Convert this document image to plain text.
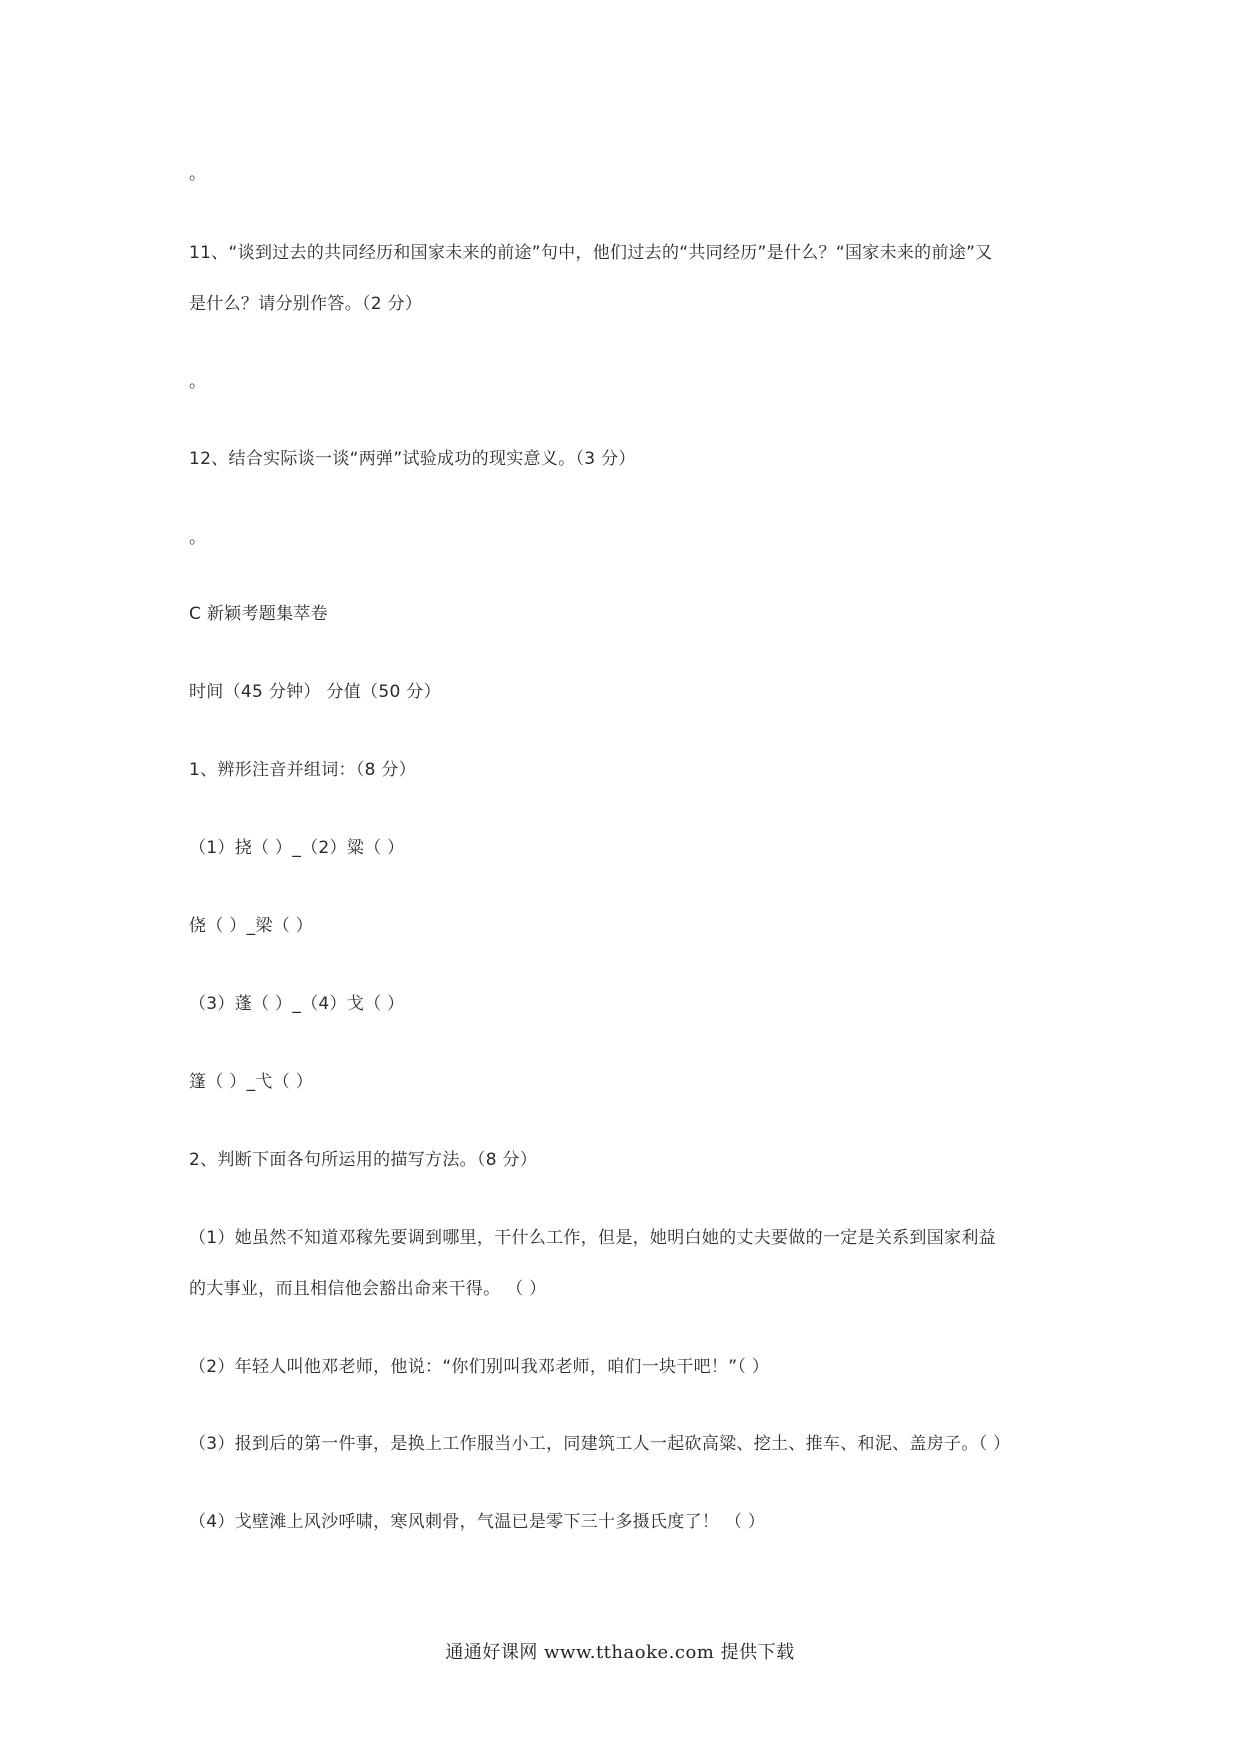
。
11、“谈到过去的共同经历和国家未来的前途”句中，他们过去的“共同经历”是什么？“国家未来的前途”又
是什么？请分别作答。（2 分）
。
12、结合实际谈一谈“两弹”试验成功的现实意义。（3 分）
。
C 新颖考题集萃卷
时间（45 分钟） 分值（50 分）
1、辨形注音并组词：（8 分）
（1）挠（ ）_（2）粱（ ）
侥（ ）_梁（ ）
（3）蓬（ ）_（4）戈（ ）
篷（ ）_弋（ ）
2、判断下面各句所运用的描写方法。（8 分）
（1）她虽然不知道邓稼先要调到哪里，干什么工作，但是，她明白她的丈夫要做的一定是关系到国家利益
的大事业，而且相信他会豁出命来干得。 （ ）
（2）年轻人叫他邓老师，他说：“你们别叫我邓老师，咱们一块干吧！”（ ）
（3）报到后的第一件事，是换上工作服当小工，同建筑工人一起砍高粱、挖土、推车、和泥、盖房子。（ ）
（4）戈壁滩上风沙呼啸，寒风刺骨，气温已是零下三十多摄氏度了！ （ ）
通通好课网 www.tthaoke.com 提供下载
